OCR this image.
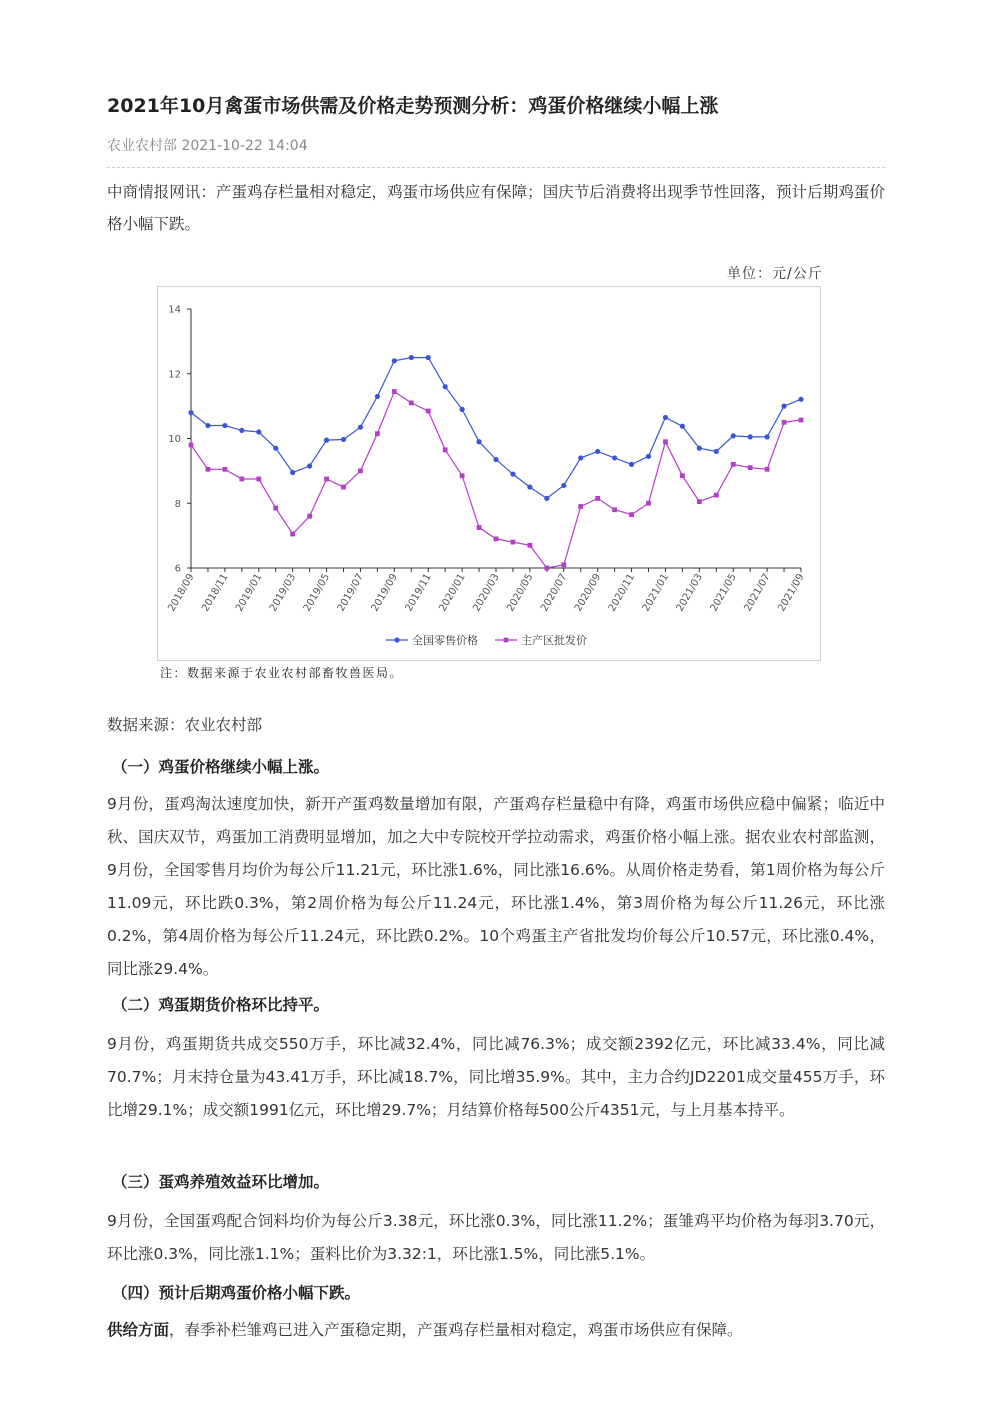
2021年10月禽蛋市场供需及价格走势预测分析：鸡蛋价格继续小幅上涨
农业农村部 2021-10-22 14:04
中商情报网讯：产蛋鸡存栏量相对稳定，鸡蛋市场供应有保障；国庆节后消费将出现季节性回落，预计后期鸡蛋价格小幅下跌。
单位：元/公斤
6
8
10
12
14
2018/09 2018/11 2019/01 2019/03 2019/05 2019/07 2019/09 2019/11 2020/01 2020/03 2020/05 2020/07 2020/09 2020/11 2021/01 2021/03 2021/05 2021/07 2021/09
全国零售价格	主产区批发价
注：数据来源于农业农村部畜牧兽医局。
数据来源：农业农村部
（一）鸡蛋价格继续小幅上涨。
9月份，蛋鸡淘汰速度加快，新开产蛋鸡数量增加有限，产蛋鸡存栏量稳中有降，鸡蛋市场供应稳中偏紧；临近中秋、国庆双节，鸡蛋加工消费明显增加，加之大中专院校开学拉动需求，鸡蛋价格小幅上涨。据农业农村部监测，9月份，全国零售月均价为每公斤11.21元，环比涨1.6%，同比涨16.6%。从周价格走势看，第1周价格为每公斤11.09元，环比跌0.3%，第2周价格为每公斤11.24元，环比涨1.4%，第3周价格为每公斤11.26元，环比涨0.2%，第4周价格为每公斤11.24元，环比跌0.2%。10个鸡蛋主产省批发均价每公斤10.57元，环比涨0.4%，同比涨29.4%。
（二）鸡蛋期货价格环比持平。
9月份，鸡蛋期货共成交550万手，环比减32.4%，同比减76.3%；成交额2392亿元，环比减33.4%，同比减70.7%；月末持仓量为43.41万手，环比减18.7%，同比增35.9%。其中，主力合约JD2201成交量455万手，环比增29.1%；成交额1991亿元，环比增29.7%；月结算价格每500公斤4351元，与上月基本持平。
（三）蛋鸡养殖效益环比增加。
9月份，全国蛋鸡配合饲料均价为每公斤3.38元，环比涨0.3%，同比涨11.2%；蛋雏鸡平均价格为每羽3.70元，环比涨0.3%，同比涨1.1%；蛋料比价为3.32:1，环比涨1.5%，同比涨5.1%。
（四）预计后期鸡蛋价格小幅下跌。
供给方面，春季补栏雏鸡已进入产蛋稳定期，产蛋鸡存栏量相对稳定，鸡蛋市场供应有保障。
